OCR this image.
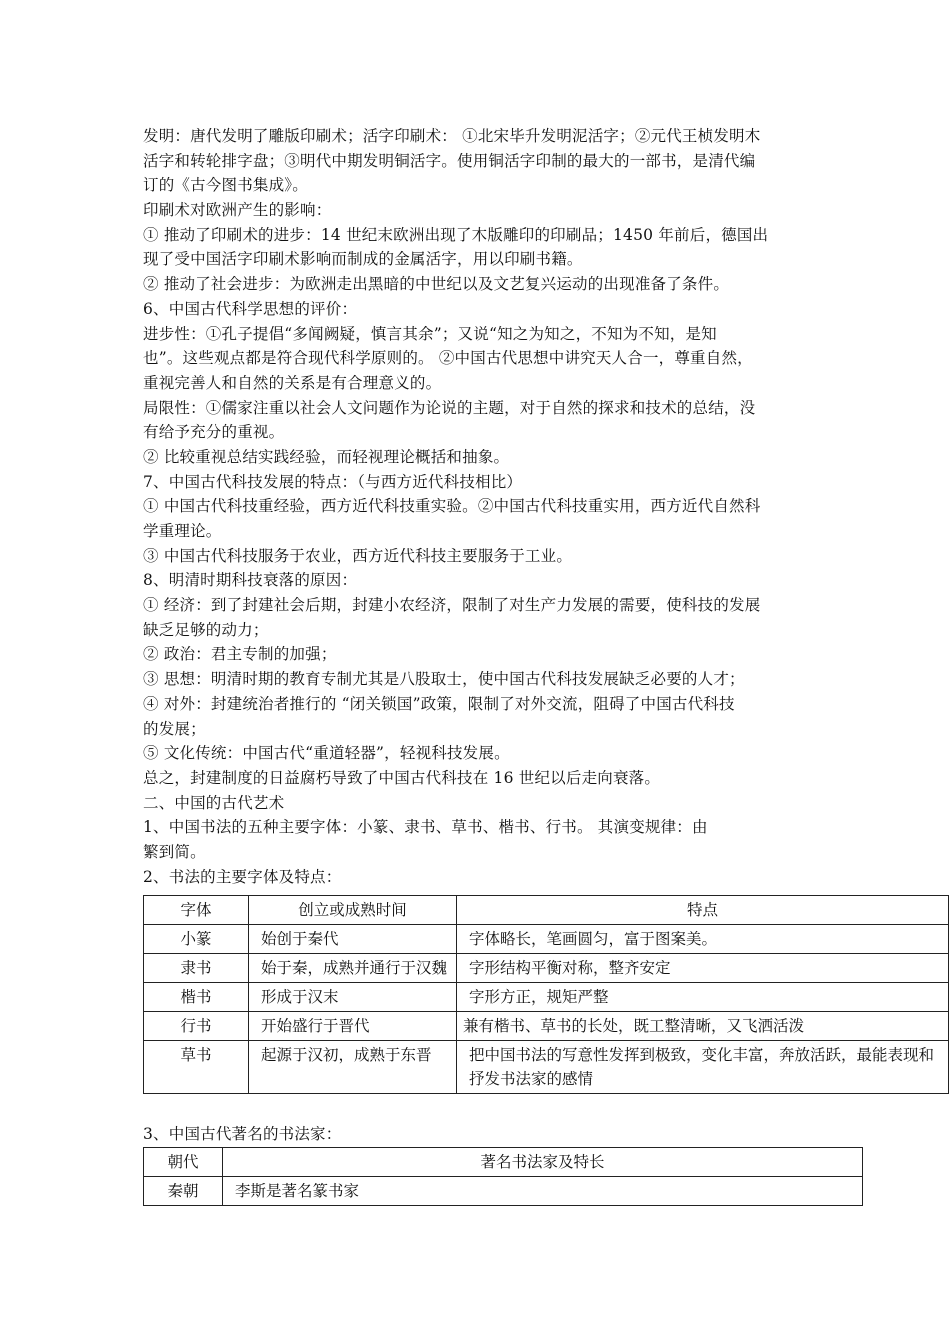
发明：唐代发明了雕版印刷术；活字印刷术： ①北宋毕升发明泥活字；②元代王桢发明木
活字和转轮排字盘；③明代中期发明铜活字。使用铜活字印制的最大的一部书，是清代编
订的《古今图书集成》。
印刷术对欧洲产生的影响：
① 推动了印刷术的进步：14 世纪末欧洲出现了木版雕印的印刷品；1450 年前后，德国出
现了受中国活字印刷术影响而制成的金属活字，用以印刷书籍。
② 推动了社会进步：为欧洲走出黑暗的中世纪以及文艺复兴运动的出现准备了条件。
6、中国古代科学思想的评价：
进步性：①孔子提倡“多闻阙疑，慎言其余”；又说“知之为知之，不知为不知，是知
也”。这些观点都是符合现代科学原则的。 ②中国古代思想中讲究天人合一，尊重自然，
重视完善人和自然的关系是有合理意义的。
局限性：①儒家注重以社会人文问题作为论说的主题，对于自然的探求和技术的总结，没
有给予充分的重视。
② 比较重视总结实践经验，而轻视理论概括和抽象。
7、中国古代科技发展的特点：（与西方近代科技相比）
① 中国古代科技重经验，西方近代科技重实验。②中国古代科技重实用，西方近代自然科
学重理论。
③ 中国古代科技服务于农业，西方近代科技主要服务于工业。
8、明清时期科技衰落的原因：
① 经济：到了封建社会后期，封建小农经济，限制了对生产力发展的需要，使科技的发展
缺乏足够的动力；
② 政治：君主专制的加强；
③ 思想：明清时期的教育专制尤其是八股取士，使中国古代科技发展缺乏必要的人才；
④ 对外：封建统治者推行的 “闭关锁国”政策，限制了对外交流，阻碍了中国古代科技
的发展；
⑤ 文化传统：中国古代“重道轻器”，轻视科技发展。
总之，封建制度的日益腐朽导致了中国古代科技在 16 世纪以后走向衰落。
二、中国的古代艺术
1、中国书法的五种主要字体：小篆、隶书、草书、楷书、行书。 其演变规律：由
繁到简。
2、书法的主要字体及特点：
字体	创立或成熟时间	特点
小篆	始创于秦代	字体略长，笔画圆匀，富于图案美。
隶书	始于秦，成熟并通行于汉魏	字形结构平衡对称，整齐安定
楷书	形成于汉末	字形方正，规矩严整
行书	开始盛行于晋代	兼有楷书、草书的长处，既工整清晰，又飞洒活泼
草书	起源于汉初，成熟于东晋	把中国书法的写意性发挥到极致，变化丰富，奔放活跃，最能表现和抒发书法家的感情
3、中国古代著名的书法家：
朝代	著名书法家及特长
秦朝	李斯是著名篆书家
